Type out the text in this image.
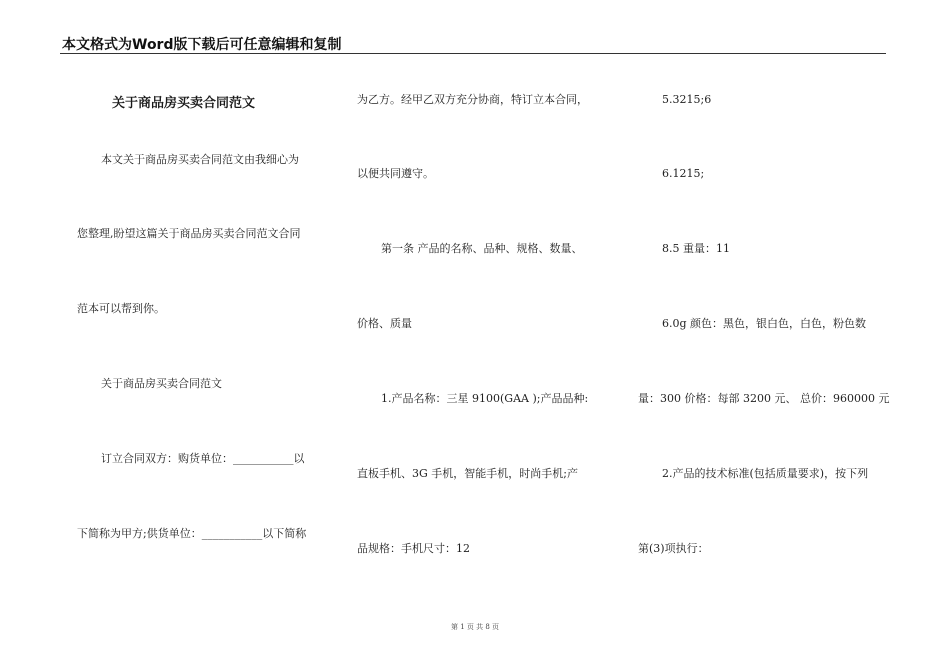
本文格式为Word版下载后可任意编辑和复制
关于商品房买卖合同范文
本文关于商品房买卖合同范文由我细心为
您整理,盼望这篇关于商品房买卖合同范文合同
范本可以帮到你。
关于商品房买卖合同范文
订立合同双方：购货单位：___________以
下简称为甲方;供货单位：___________以下简称
为乙方。经甲乙双方充分协商，特订立本合同，
以便共同遵守。
第一条 产品的名称、品种、规格、数量、
价格、质量
1.产品名称：三星 9100(GAA );产品品种:
直板手机、3G 手机，智能手机，时尚手机;产
品规格：手机尺寸：12
5.3215;6
6.1215;
8.5 重量：11
6.0g 颜色：黑色，银白色，白色，粉色数
量：300 价格：每部 3200 元、 总价：960000 元
2.产品的技术标准(包括质量要求)，按下列
第(3)项执行：
第 1 页 共 8 页
